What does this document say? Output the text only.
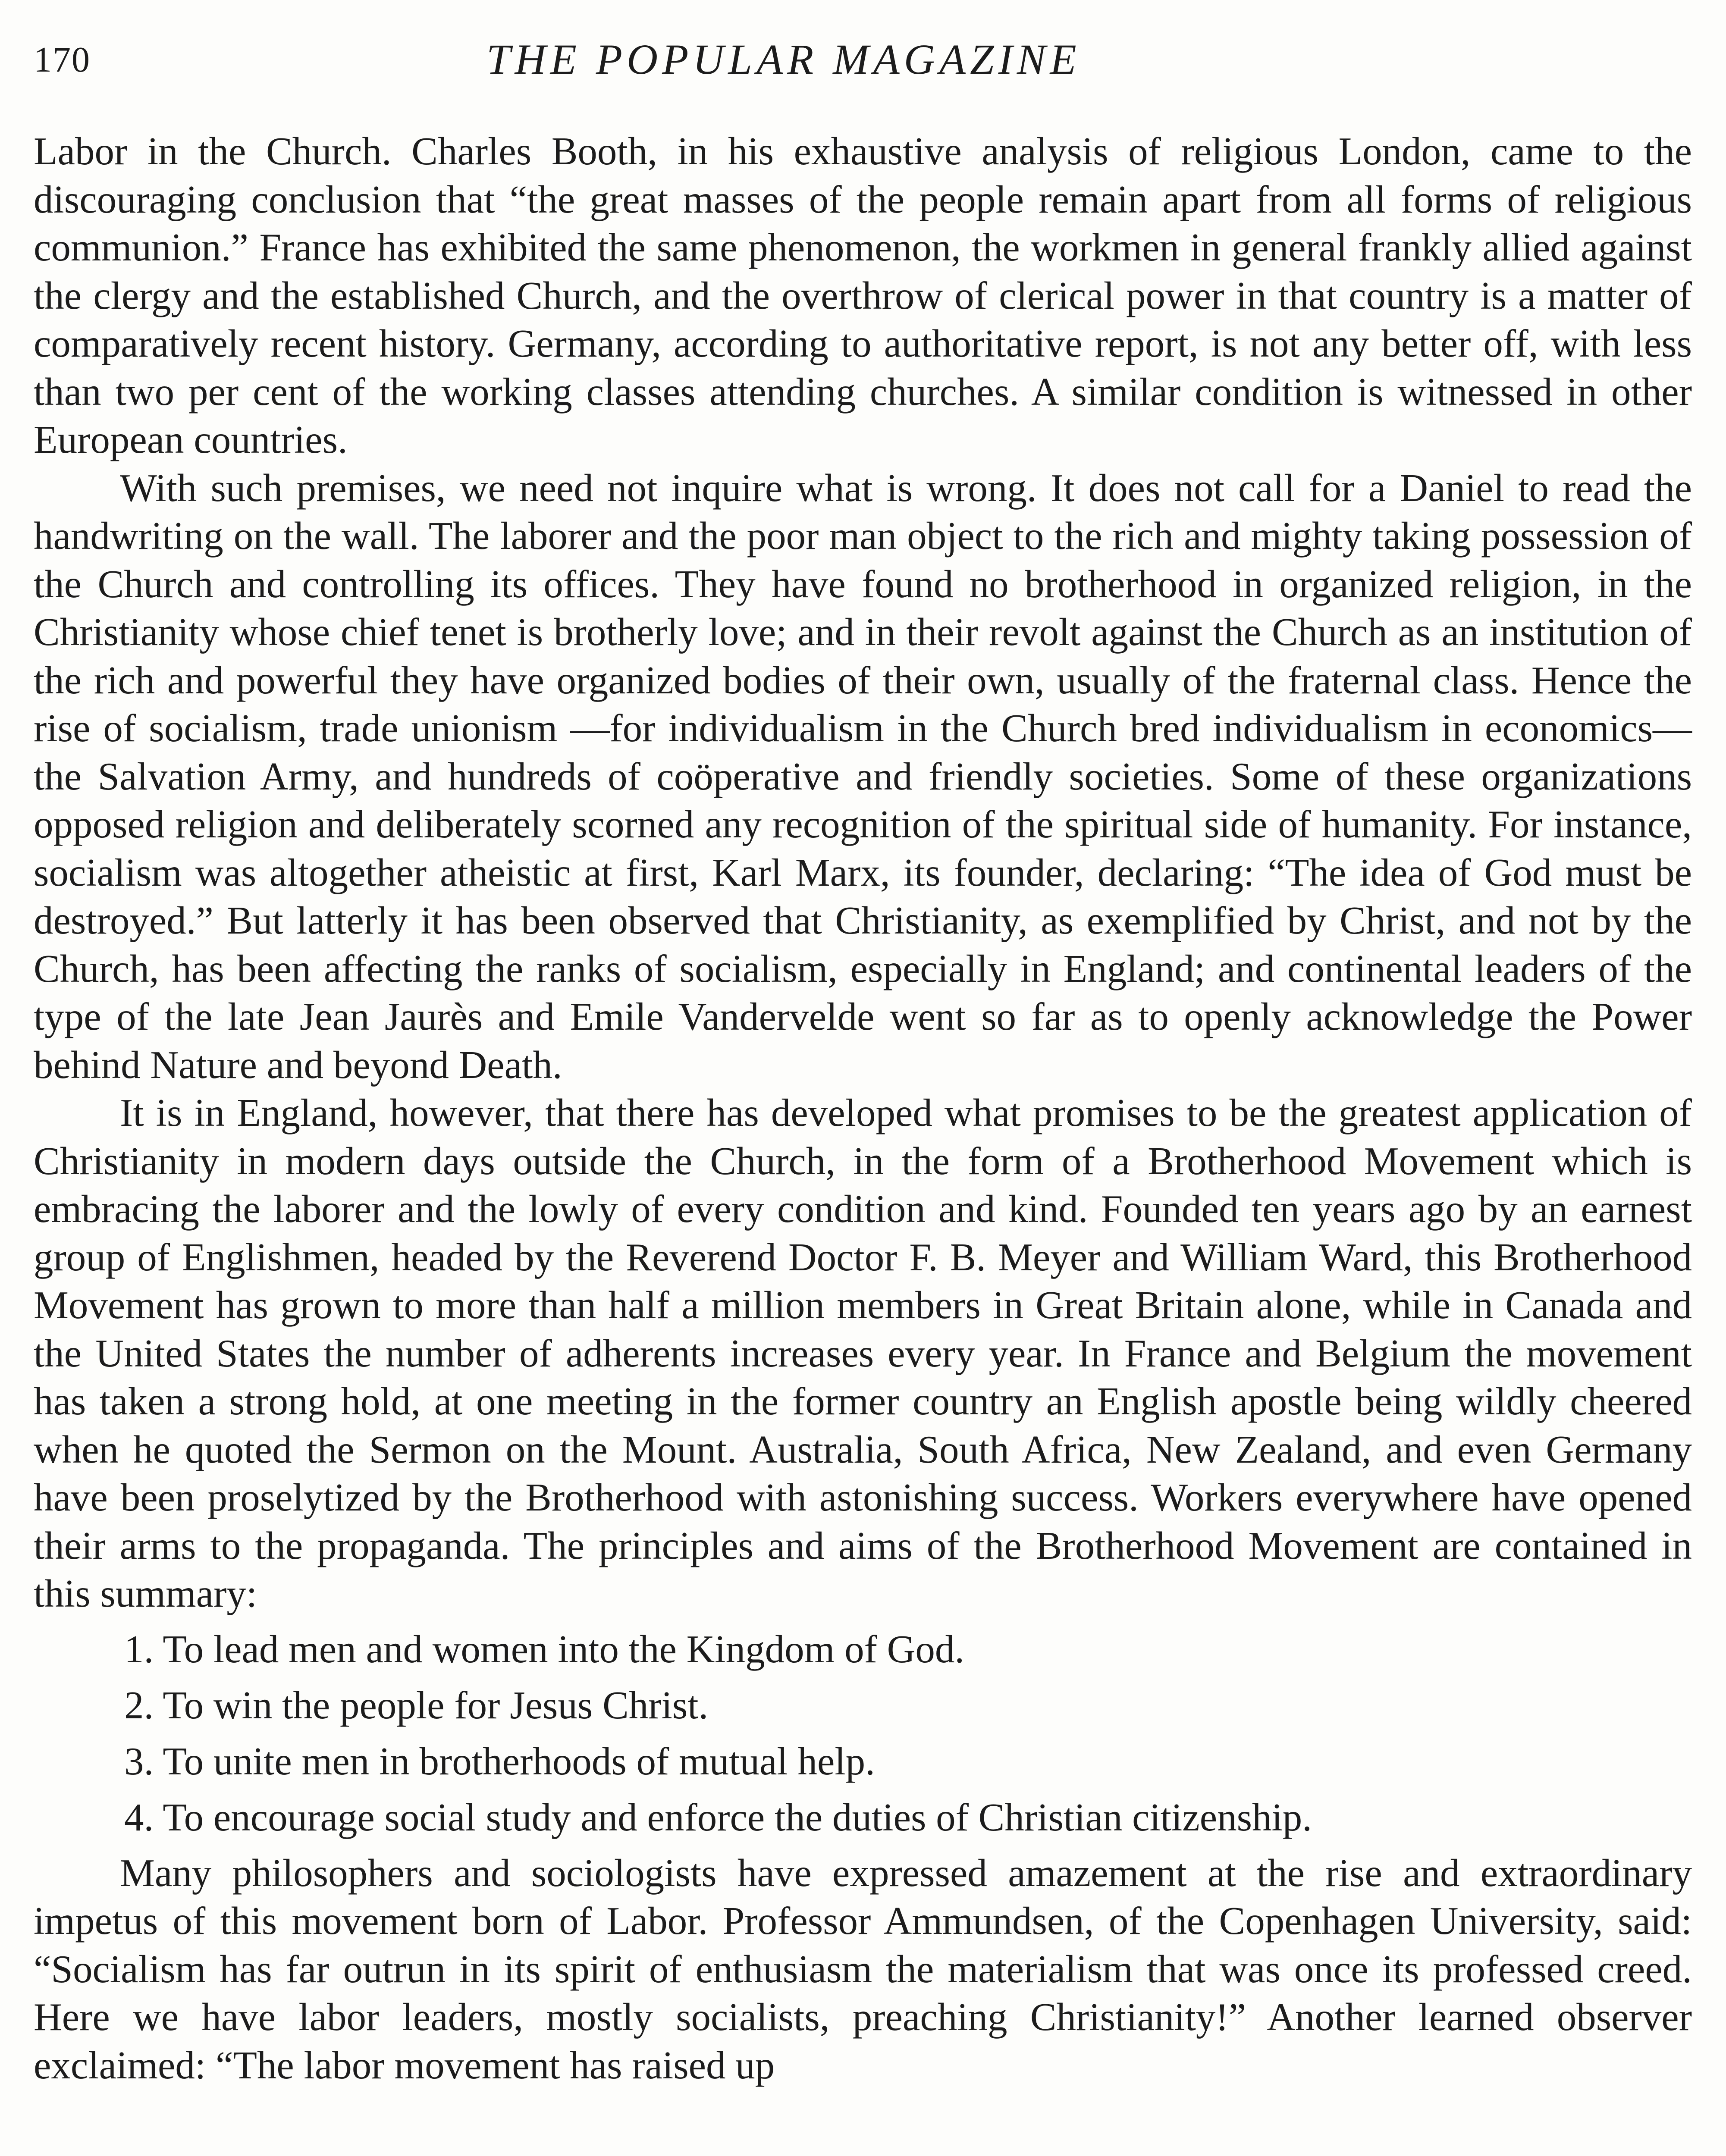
170	THE POPULAR MAGAZINE

Labor in the Church. Charles Booth, in his exhaustive analysis of religious London, came to the discouraging conclusion that “the great masses of the people remain apart from all forms of religious communion.” France has exhibited the same phenomenon, the workmen in general frankly allied against the clergy and the established Church, and the overthrow of clerical power in that country is a matter of comparatively recent history. Germany, according to authoritative report, is not any better off, with less than two per cent of the working classes attending churches. A similar condition is witnessed in other European countries.

With such premises, we need not inquire what is wrong. It does not call for a Daniel to read the handwriting on the wall. The laborer and the poor man object to the rich and mighty taking possession of the Church and controlling its offices. They have found no brotherhood in organized religion, in the Christianity whose chief tenet is brotherly love; and in their revolt against the Church as an institution of the rich and powerful they have organized bodies of their own, usually of the fraternal class. Hence the rise of socialism, trade unionism —for individualism in the Church bred individualism in economics—the Salvation Army, and hundreds of coöperative and friendly societies. Some of these organizations opposed religion and deliberately scorned any recognition of the spiritual side of humanity. For instance, socialism was altogether atheistic at first, Karl Marx, its founder, declaring: “The idea of God must be destroyed.” But latterly it has been observed that Christianity, as exemplified by Christ, and not by the Church, has been affecting the ranks of socialism, especially in England; and continental leaders of the type of the late Jean Jaurès and Emile Vandervelde went so far as to openly acknowledge the Power behind Nature and beyond Death.

It is in England, however, that there has developed what promises to be the greatest application of Christianity in modern days outside the Church, in the form of a Brotherhood Movement which is embracing the laborer and the lowly of every condition and kind. Founded ten years ago by an earnest group of Englishmen, headed by the Reverend Doctor F. B. Meyer and William Ward, this Brotherhood Movement has grown to more than half a million members in Great Britain alone, while in Canada and the United States the number of adherents increases every year. In France and Belgium the movement has taken a strong hold, at one meeting in the former country an English apostle being wildly cheered when he quoted the Sermon on the Mount. Australia, South Africa, New Zealand, and even Germany have been proselytized by the Brotherhood with astonishing success. Workers everywhere have opened their arms to the propaganda. The principles and aims of the Brotherhood Movement are contained in this summary:

1. To lead men and women into the Kingdom of God.
2. To win the people for Jesus Christ.
3. To unite men in brotherhoods of mutual help.
4. To encourage social study and enforce the duties of Christian citizenship.

Many philosophers and sociologists have expressed amazement at the rise and extraordinary impetus of this movement born of Labor. Professor Ammundsen, of the Copenhagen University, said: “Socialism has far outrun in its spirit of enthusiasm the materialism that was once its professed creed. Here we have labor leaders, mostly socialists, preaching Christianity!” Another learned observer exclaimed: “The labor movement has raised up
